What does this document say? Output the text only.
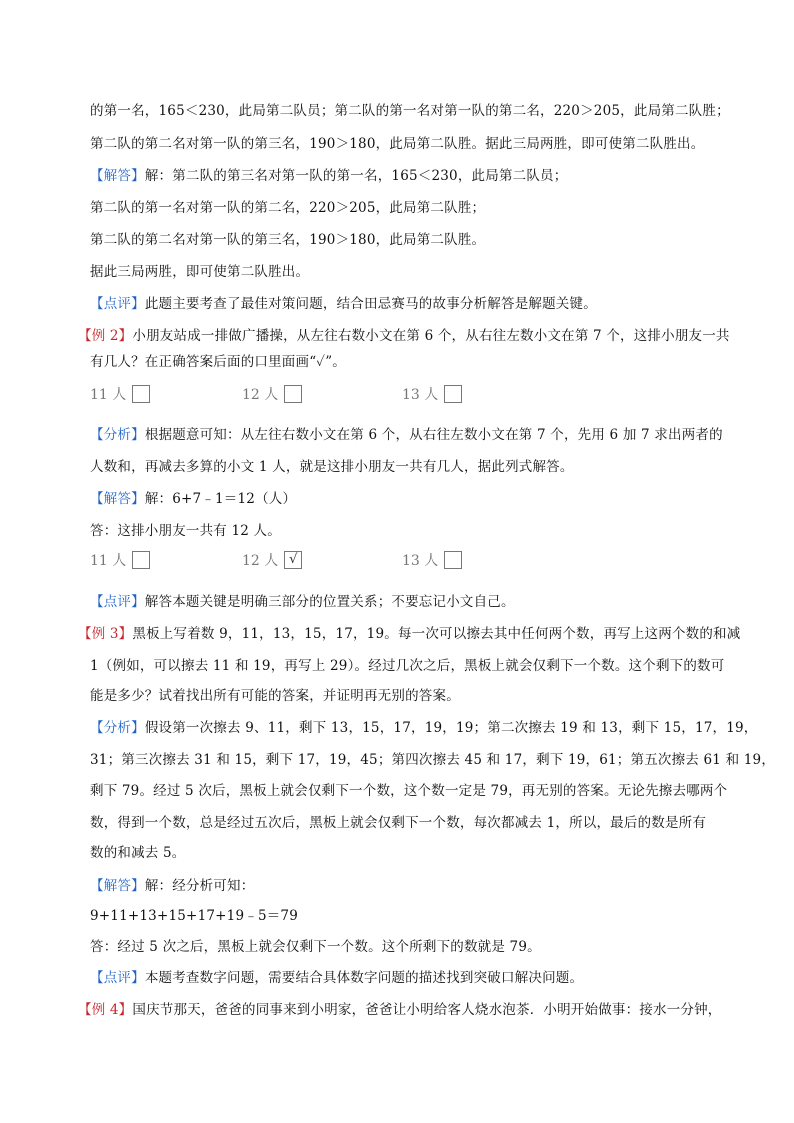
的第一名，165＜230，此局第二队员；第二队的第一名对第一队的第二名，220＞205，此局第二队胜；
第二队的第二名对第一队的第三名，190＞180，此局第二队胜。据此三局两胜，即可使第二队胜出。
【解答】解：第二队的第三名对第一队的第一名，165＜230，此局第二队员；
第二队的第一名对第一队的第二名，220＞205，此局第二队胜；
第二队的第二名对第一队的第三名，190＞180，此局第二队胜。
据此三局两胜，即可使第二队胜出。
【点评】此题主要考查了最佳对策问题，结合田忌赛马的故事分析解答是解题关键。
【例 2】小朋友站成一排做广播操，从左往右数小文在第 6 个，从右往左数小文在第 7 个，这排小朋友一共
有几人？在正确答案后面的口里面画“✓”。
11 人	12 人	13 人
【分析】根据题意可知：从左往右数小文在第 6 个，从右往左数小文在第 7 个，先用 6 加 7 求出两者的
人数和，再减去多算的小文 1 人，就是这排小朋友一共有几人，据此列式解答。
【解答】解：6+7﹣1＝12（人）
答：这排小朋友一共有 12 人。
11 人	12 人 √	13 人
【点评】解答本题关键是明确三部分的位置关系；不要忘记小文自己。
【例 3】黑板上写着数 9，11，13，15，17，19。每一次可以擦去其中任何两个数，再写上这两个数的和减
1（例如，可以擦去 11 和 19，再写上 29）。经过几次之后，黑板上就会仅剩下一个数。这个剩下的数可
能是多少？试着找出所有可能的答案，并证明再无别的答案。
【分析】假设第一次擦去 9、11，剩下 13，15，17，19，19；第二次擦去 19 和 13，剩下 15，17，19，
31；第三次擦去 31 和 15，剩下 17，19，45；第四次擦去 45 和 17，剩下 19，61；第五次擦去 61 和 19，
剩下 79。经过 5 次后，黑板上就会仅剩下一个数，这个数一定是 79，再无别的答案。无论先擦去哪两个
数，得到一个数，总是经过五次后，黑板上就会仅剩下一个数，每次都减去 1，所以，最后的数是所有
数的和减去 5。
【解答】解：经分析可知：
9+11+13+15+17+19﹣5＝79
答：经过 5 次之后，黑板上就会仅剩下一个数。这个所剩下的数就是 79。
【点评】本题考查数字问题，需要结合具体数字问题的描述找到突破口解决问题。
【例 4】国庆节那天，爸爸的同事来到小明家，爸爸让小明给客人烧水泡茶．小明开始做事：接水一分钟，
